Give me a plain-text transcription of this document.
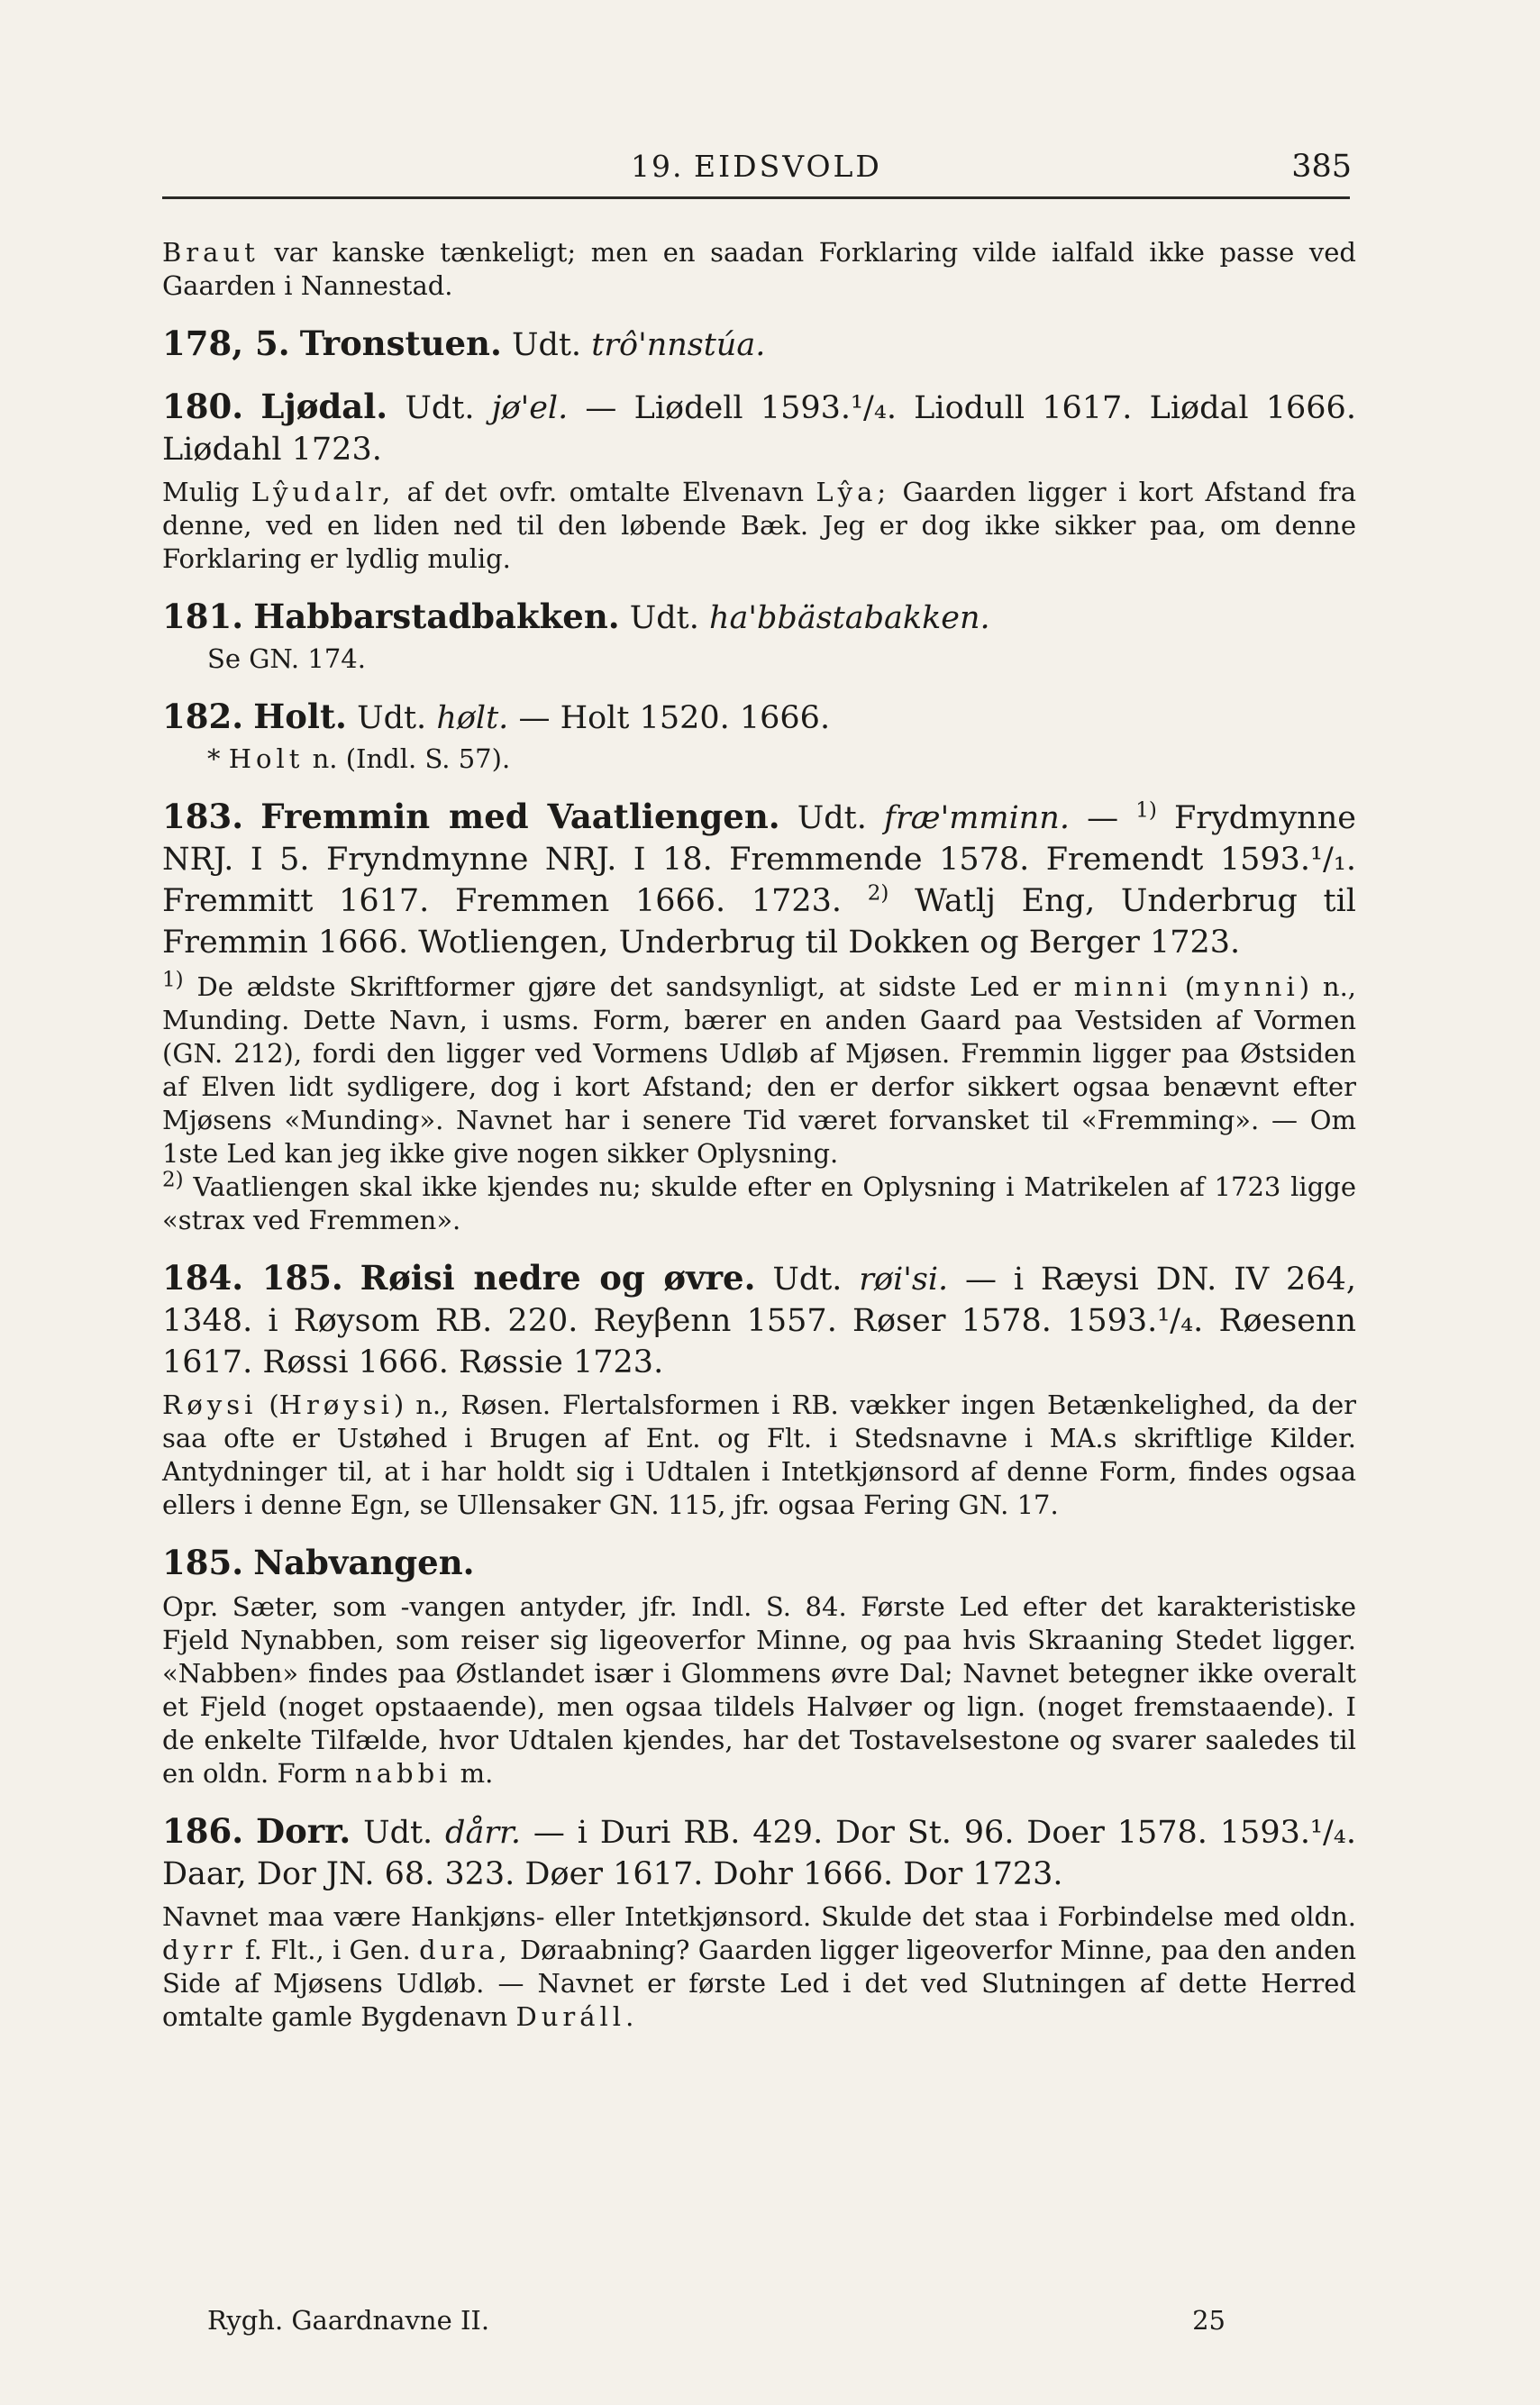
19. EIDSVOLD	385

Braut var kanske tænkeligt; men en saadan Forklaring vilde ialfald ikke passe ved Gaarden i Nannestad.

178, 5. Tronstuen. Udt. trô'nnstúa.

180. Ljødal. Udt. jø'el. — Liødell 1593.¹/₄. Liodull 1617. Liødal 1666. Liødahl 1723.

Mulig Lŷudalr, af det ovfr. omtalte Elvenavn Lŷa; Gaarden ligger i kort Afstand fra denne, ved en liden ned til den løbende Bæk. Jeg er dog ikke sikker paa, om denne Forklaring er lydlig mulig.

181. Habbarstadbakken. Udt. ha'bbästabakken.

Se GN. 174.

182. Holt. Udt. hølt. — Holt 1520. 1666.

* Holt n. (Indl. S. 57).

183. Fremmin med Vaatliengen. Udt. fræ'mminn. — $^{1)}$ Frydmynne NRJ. I 5. Fryndmynne NRJ. I 18. Fremmende 1578. Fremendt 1593.¹/₁. Fremmitt 1617. Fremmen 1666. 1723. $^{2)}$ Watlj Eng, Underbrug til Fremmin 1666. Wotliengen, Underbrug til Dokken og Berger 1723.

$^{1)}$ De ældste Skriftformer gjøre det sandsynligt, at sidste Led er minni (mynni) n., Munding. Dette Navn, i usms. Form, bærer en anden Gaard paa Vestsiden af Vormen (GN. 212), fordi den ligger ved Vormens Udløb af Mjøsen. Fremmin ligger paa Østsiden af Elven lidt sydligere, dog i kort Afstand; den er derfor sikkert ogsaa benævnt efter Mjøsens «Munding». Navnet har i senere Tid været forvansket til «Fremming». — Om 1ste Led kan jeg ikke give nogen sikker Oplysning.

$^{2)}$ Vaatliengen skal ikke kjendes nu; skulde efter en Oplysning i Matrikelen af 1723 ligge «strax ved Fremmen».

184. 185. Røisi nedre og øvre. Udt. røi'si. — i Ræysi DN. IV 264, 1348. i Røysom RB. 220. Reyβenn 1557. Røser 1578. 1593.¹/₄. Røesenn 1617. Røssi 1666. Røssie 1723.

Røysi (Hrøysi) n., Røsen. Flertalsformen i RB. vækker ingen Betænkelighed, da der saa ofte er Ustøhed i Brugen af Ent. og Flt. i Stedsnavne i MA.s skriftlige Kilder. Antydninger til, at i har holdt sig i Udtalen i Intetkjønsord af denne Form, findes ogsaa ellers i denne Egn, se Ullensaker GN. 115, jfr. ogsaa Fering GN. 17.

185. Nabvangen.

Opr. Sæter, som -vangen antyder, jfr. Indl. S. 84. Første Led efter det karakteristiske Fjeld Nynabben, som reiser sig ligeoverfor Minne, og paa hvis Skraaning Stedet ligger. «Nabben» findes paa Østlandet især i Glommens øvre Dal; Navnet betegner ikke overalt et Fjeld (noget opstaaende), men ogsaa tildels Halvøer og lign. (noget fremstaaende). I de enkelte Tilfælde, hvor Udtalen kjendes, har det Tostavelsestone og svarer saaledes til en oldn. Form nabbi m.

186. Dorr. Udt. dårr. — i Duri RB. 429. Dor St. 96. Doer 1578. 1593.¹/₄. Daar, Dor JN. 68. 323. Døer 1617. Dohr 1666. Dor 1723.

Navnet maa være Hankjøns- eller Intetkjønsord. Skulde det staa i Forbindelse med oldn. dyrr f. Flt., i Gen. dura, Døraabning? Gaarden ligger ligeoverfor Minne, paa den anden Side af Mjøsens Udløb. — Navnet er første Led i det ved Slutningen af dette Herred omtalte gamle Bygdenavn Duráll.

Rygh. Gaardnavne II.	25
